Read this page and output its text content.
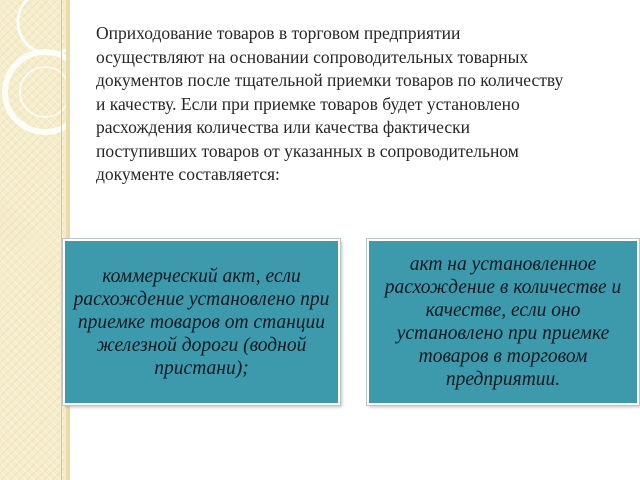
Оприходование товаров в торговом предприятии осуществляют на основании сопроводительных товарных документов после тщательной приемки товаров по количеству и качеству. Если при приемке товаров будет установлено расхождения количества или качества фактически поступивших товаров от указанных в сопроводительном документе составляется:

коммерческий акт, если расхождение установлено при приемке товаров от станции железной дороги (водной пристани);

акт на установленное расхождение в количестве и качестве, если оно установлено при приемке товаров в торговом предприятии.
